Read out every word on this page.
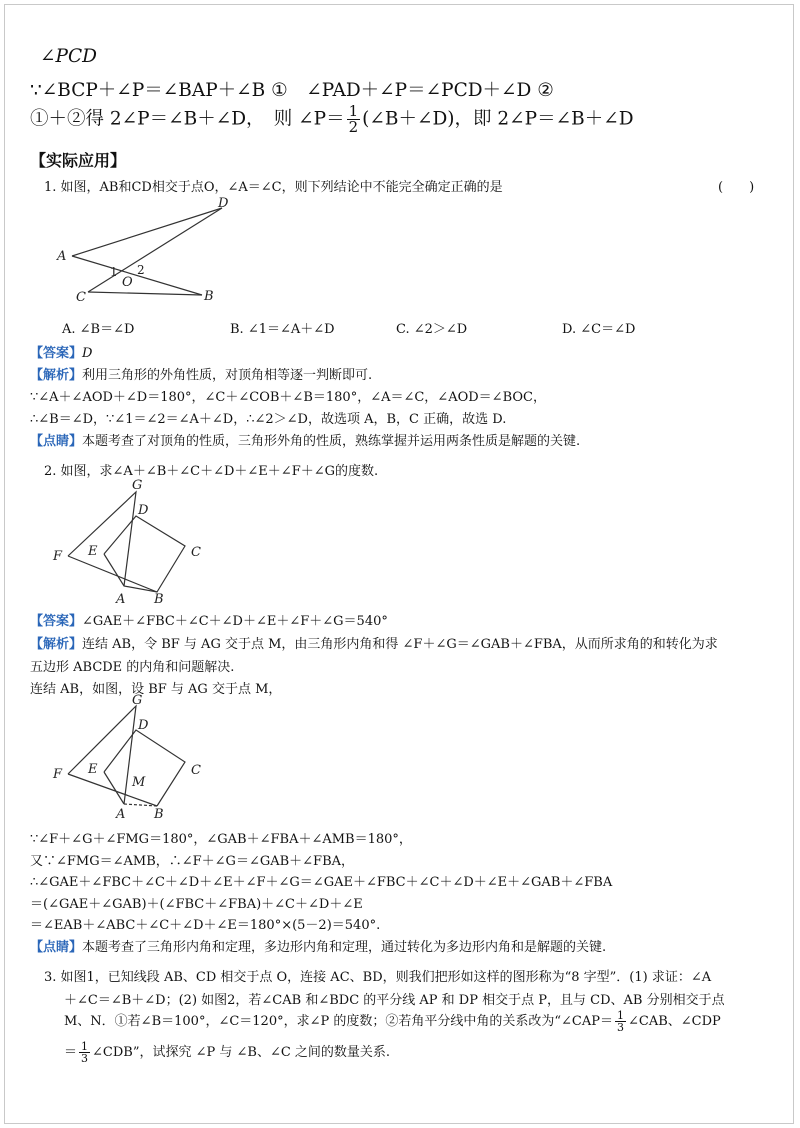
∠PCD
∵∠BCP＋∠P＝∠BAP＋∠B ①　∠PAD＋∠P＝∠PCD＋∠D ②
①＋②得 2∠P＝∠B＋∠D，　则 ∠P＝ $\frac{1}{2}$ (∠B＋∠D)，即 2∠P＝∠B＋∠D
【实际应用】
1. 如图，AB和CD相交于点O，∠A＝∠C，则下列结论中不能完全确定正确的是	(　　)
A
D
C	B
O
1 2
A. ∠B＝∠D	B. ∠1＝∠A＋∠D	C. ∠2＞∠D	D. ∠C＝∠D
【答案】D
【解析】利用三角形的外角性质，对顶角相等逐一判断即可.
∵∠A＋∠AOD＋∠D＝180°，∠C＋∠COB＋∠B＝180°，∠A＝∠C，∠AOD＝∠BOC，
∴∠B＝∠D，∵∠1＝∠2＝∠A＋∠D，∴∠2＞∠D，故选项 A，B，C 正确，故选 D.
【点睛】本题考查了对顶角的性质，三角形外角的性质，熟练掌握并运用两条性质是解题的关键.
2. 如图，求∠A＋∠B＋∠C＋∠D＋∠E＋∠F＋∠G的度数.
G
D
F E	C
A B
【答案】∠GAE＋∠FBC＋∠C＋∠D＋∠E＋∠F＋∠G＝540°
【解析】连结 AB，令 BF 与 AG 交于点 M，由三角形内角和得 ∠F＋∠G＝∠GAB＋∠FBA，从而所求角的和转化为求
五边形 ABCDE 的内角和问题解决.
连结 AB，如图，设 BF 与 AG 交于点 M，
G
D
F E
M
C
A B
∵∠F＋∠G＋∠FMG＝180°，∠GAB＋∠FBA＋∠AMB＝180°，
又∵∠FMG＝∠AMB，∴∠F＋∠G＝∠GAB＋∠FBA，
∴∠GAE＋∠FBC＋∠C＋∠D＋∠E＋∠F＋∠G＝∠GAE＋∠FBC＋∠C＋∠D＋∠E＋∠GAB＋∠FBA
＝(∠GAE＋∠GAB)＋(∠FBC＋∠FBA)＋∠C＋∠D＋∠E
＝∠EAB＋∠ABC＋∠C＋∠D＋∠E＝180°×(5－2)＝540°.
【点睛】本题考查了三角形内角和定理，多边形内角和定理，通过转化为多边形内角和是解题的关键.
3. 如图1，已知线段 AB、CD 相交于点 O，连接 AC、BD，则我们把形如这样的图形称为“8 字型”．(1) 求证：∠A
＋∠C＝∠B＋∠D；(2) 如图2，若∠CAB 和∠BDC 的平分线 AP 和 DP 相交于点 P，且与 CD、AB 分别相交于点
M、N．①若∠B＝100°，∠C＝120°，求∠P 的度数；②若角平分线中角的关系改为“∠CAP＝ $\frac{1}{3}$ ∠CAB、∠CDP
＝ $\frac{1}{3}$ ∠CDB”，试探究 ∠P 与 ∠B、∠C 之间的数量关系.
